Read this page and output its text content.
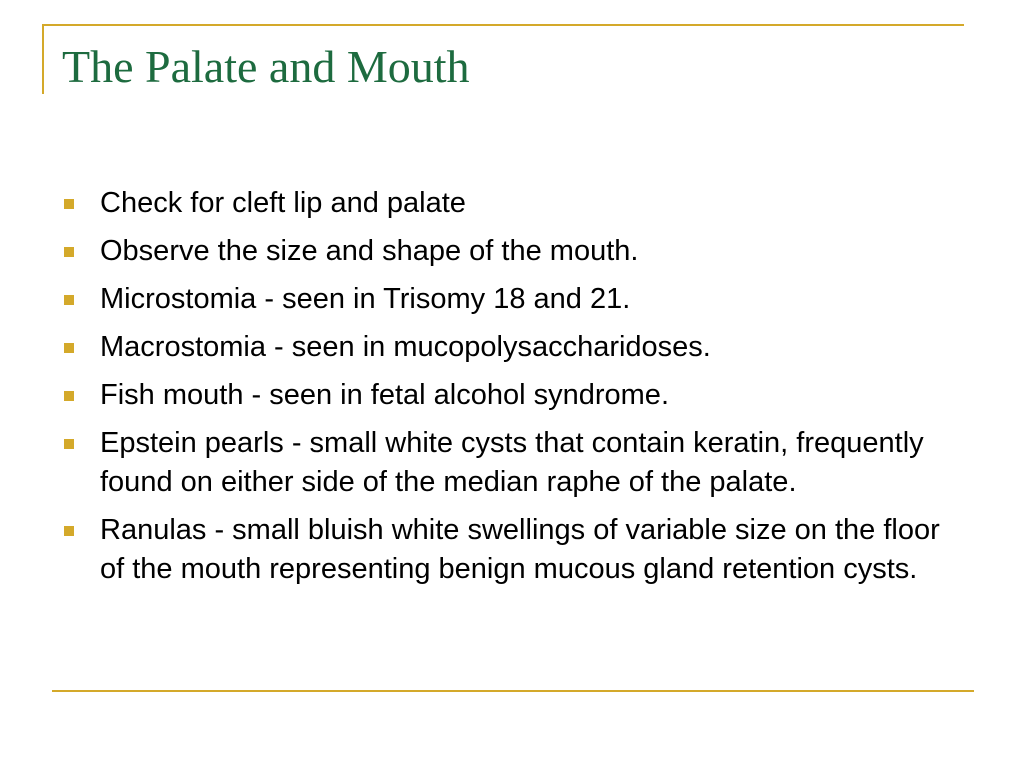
The Palate and Mouth
Check for cleft lip and palate
Observe the size and shape of the mouth.
Microstomia - seen in Trisomy 18 and 21.
Macrostomia - seen in mucopolysaccharidoses.
Fish mouth - seen in fetal alcohol syndrome.
Epstein pearls - small white cysts that contain keratin, frequently found on either side of the median raphe of the palate.
Ranulas - small bluish white swellings of variable size on the floor of the mouth representing benign mucous gland retention cysts.
